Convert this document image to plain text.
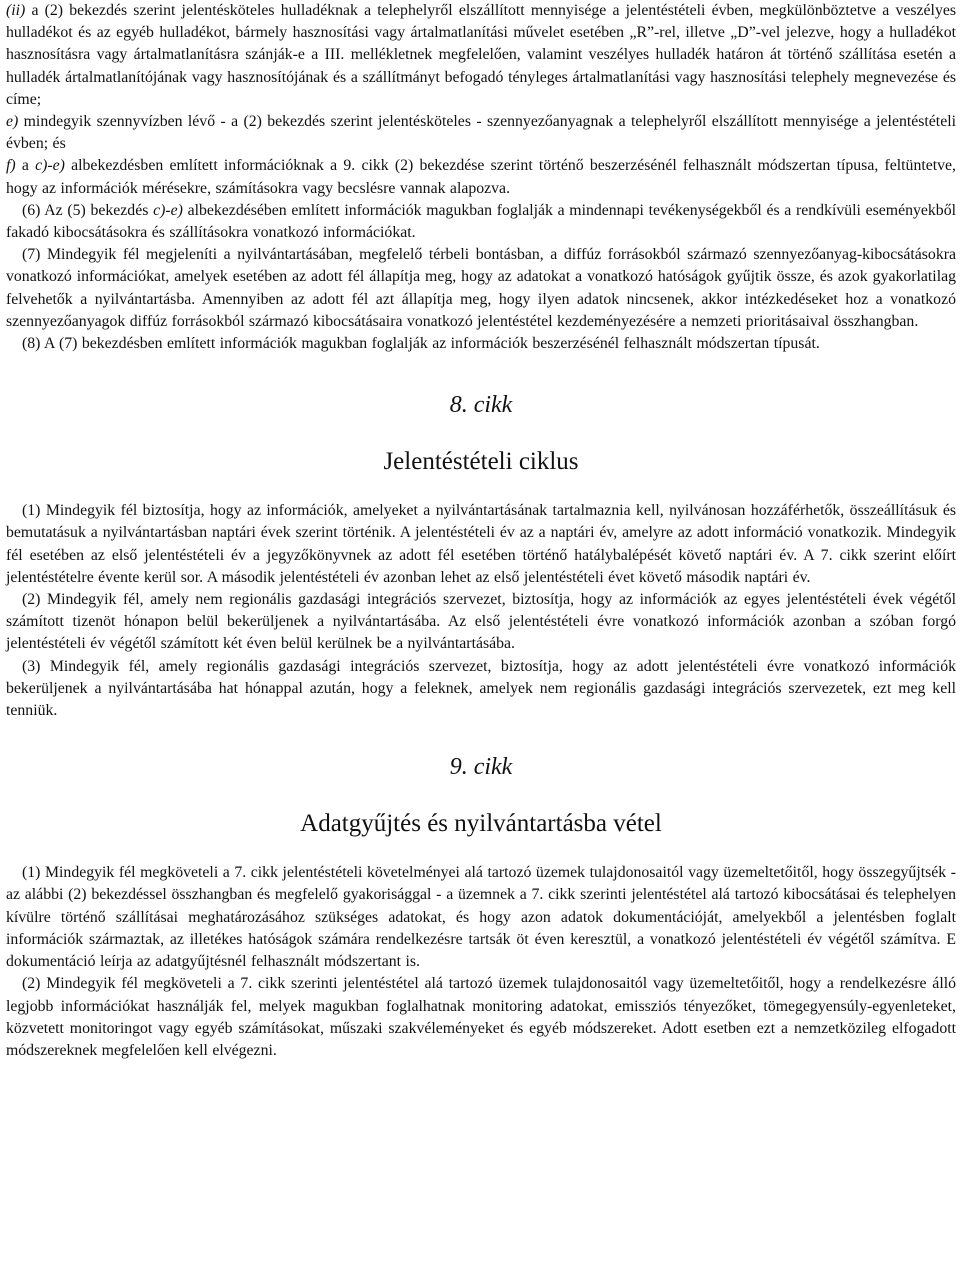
(ii) a (2) bekezdés szerint jelentésköteles hulladéknak a telephelyről elszállított mennyisége a jelentéstételi évben, megkülönböztetve a veszélyes hulladékot és az egyéb hulladékot, bármely hasznosítási vagy ártalmatlanítási művelet esetében „R”-rel, illetve „D”-vel jelezve, hogy a hulladékot hasznosításra vagy ártalmatlanításra szánják-e a III. mellékletnek megfelelően, valamint veszélyes hulladék határon át történő szállítása esetén a hulladék ártalmatlanítójának vagy hasznosítójának és a szállítmányt befogadó tényleges ártalmatlanítási vagy hasznosítási telephely megnevezése és címe;

e) mindegyik szennyvízben lévő - a (2) bekezdés szerint jelentésköteles - szennyezőanyagnak a telephelyről elszállított mennyisége a jelentéstételi évben; és

f) a c)-e) albekezdésben említett információknak a 9. cikk (2) bekezdése szerint történő beszerzésénél felhasznált módszertan típusa, feltüntetve, hogy az információk mérésekre, számításokra vagy becslésre vannak alapozva.

(6) Az (5) bekezdés c)-e) albekezdésében említett információk magukban foglalják a mindennapi tevékenységekből és a rendkívüli eseményekből fakadó kibocsátásokra és szállításokra vonatkozó információkat.

(7) Mindegyik fél megjeleníti a nyilvántartásában, megfelelő térbeli bontásban, a diffúz forrásokból származó szennyezőanyag-kibocsátásokra vonatkozó információkat, amelyek esetében az adott fél állapítja meg, hogy az adatokat a vonatkozó hatóságok gyűjtik össze, és azok gyakorlatilag felvehetők a nyilvántartásba. Amennyiben az adott fél azt állapítja meg, hogy ilyen adatok nincsenek, akkor intézkedéseket hoz a vonatkozó szennyezőanyagok diffúz forrásokból származó kibocsátásaira vonatkozó jelentéstétel kezdeményezésére a nemzeti prioritásaival összhangban.

(8) A (7) bekezdésben említett információk magukban foglalják az információk beszerzésénél felhasznált módszertan típusát.

8. cikk
Jelentéstételi ciklus

(1) Mindegyik fél biztosítja, hogy az információk, amelyeket a nyilvántartásának tartalmaznia kell, nyilvánosan hozzáférhetők, összeállításuk és bemutatásuk a nyilvántartásban naptári évek szerint történik. A jelentéstételi év az a naptári év, amelyre az adott információ vonatkozik. Mindegyik fél esetében az első jelentéstételi év a jegyzőkönyvnek az adott fél esetében történő hatálybalépését követő naptári év. A 7. cikk szerint előírt jelentéstételre évente kerül sor. A második jelentéstételi év azonban lehet az első jelentéstételi évet követő második naptári év.

(2) Mindegyik fél, amely nem regionális gazdasági integrációs szervezet, biztosítja, hogy az információk az egyes jelentéstételi évek végétől számított tizenöt hónapon belül bekerüljenek a nyilvántartásába. Az első jelentéstételi évre vonatkozó információk azonban a szóban forgó jelentéstételi év végétől számított két éven belül kerülnek be a nyilvántartásába.

(3) Mindegyik fél, amely regionális gazdasági integrációs szervezet, biztosítja, hogy az adott jelentéstételi évre vonatkozó információk bekerüljenek a nyilvántartásába hat hónappal azután, hogy a feleknek, amelyek nem regionális gazdasági integrációs szervezetek, ezt meg kell tenniük.

9. cikk
Adatgyűjtés és nyilvántartásba vétel

(1) Mindegyik fél megköveteli a 7. cikk jelentéstételi követelményei alá tartozó üzemek tulajdonosaitól vagy üzemeltetőitől, hogy összegyűjtsék - az alábbi (2) bekezdéssel összhangban és megfelelő gyakorisággal - a üzemnek a 7. cikk szerinti jelentéstétel alá tartozó kibocsátásai és telephelyen kívülre történő szállításai meghatározásához szükséges adatokat, és hogy azon adatok dokumentációját, amelyekből a jelentésben foglalt információk származtak, az illetékes hatóságok számára rendelkezésre tartsák öt éven keresztül, a vonatkozó jelentéstételi év végétől számítva. E dokumentáció leírja az adatgyűjtésnél felhasznált módszertant is.

(2) Mindegyik fél megköveteli a 7. cikk szerinti jelentéstétel alá tartozó üzemek tulajdonosaitól vagy üzemeltetőitől, hogy a rendelkezésre álló legjobb információkat használják fel, melyek magukban foglalhatnak monitoring adatokat, emissziós tényezőket, tömegegyensúly-egyenleteket, közvetett monitoringot vagy egyéb számításokat, műszaki szakvéleményeket és egyéb módszereket. Adott esetben ezt a nemzetközileg elfogadott módszereknek megfelelően kell elvégezni.
